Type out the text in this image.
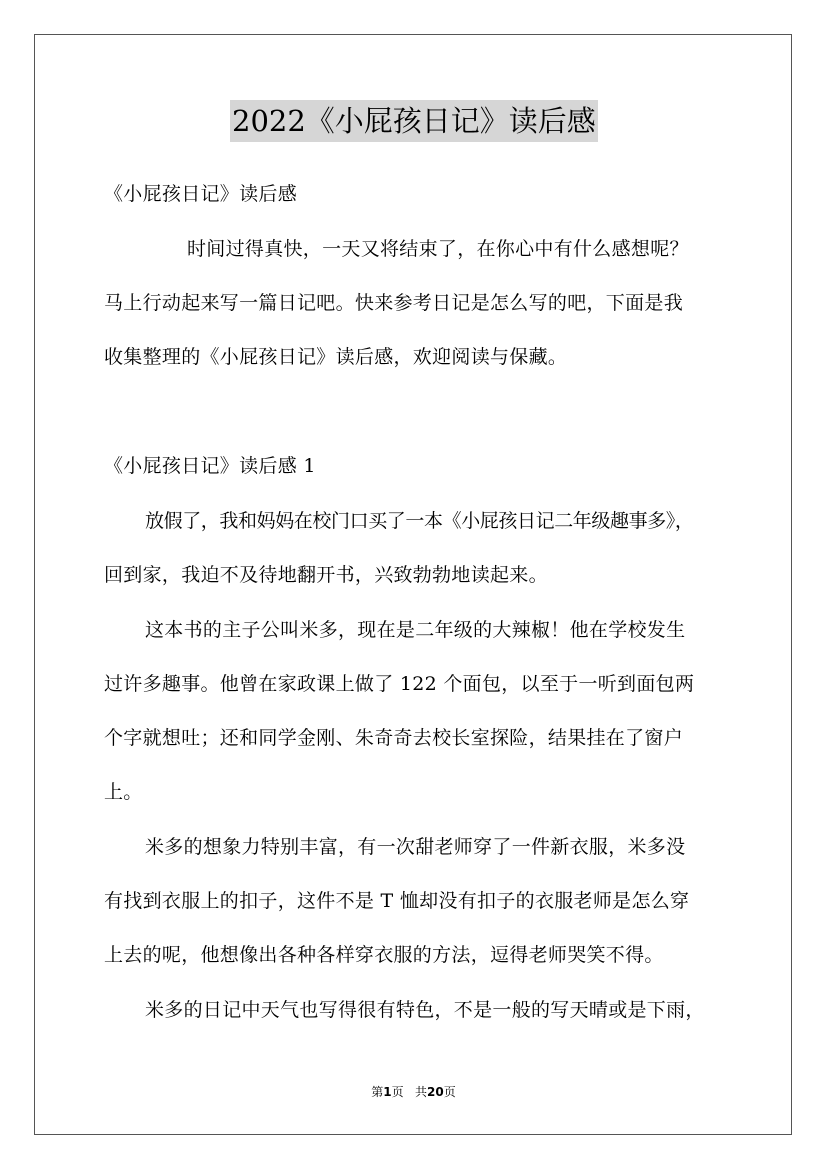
2022《小屁孩日记》读后感
《小屁孩日记》读后感
时间过得真快，一天又将结束了，在你心中有什么感想呢？
马上行动起来写一篇日记吧。快来参考日记是怎么写的吧，下面是我
收集整理的《小屁孩日记》读后感，欢迎阅读与保藏。
《小屁孩日记》读后感 1
放假了，我和妈妈在校门口买了一本《小屁孩日记二年级趣事多》，
回到家，我迫不及待地翻开书，兴致勃勃地读起来。
这本书的主子公叫米多，现在是二年级的大辣椒！他在学校发生
过许多趣事。他曾在家政课上做了 122 个面包，以至于一听到面包两
个字就想吐；还和同学金刚、朱奇奇去校长室探险，结果挂在了窗户
上。
米多的想象力特别丰富，有一次甜老师穿了一件新衣服，米多没
有找到衣服上的扣子，这件不是 T 恤却没有扣子的衣服老师是怎么穿
上去的呢，他想像出各种各样穿衣服的方法，逗得老师哭笑不得。
米多的日记中天气也写得很有特色，不是一般的写天晴或是下雨，
第1页   共20页
